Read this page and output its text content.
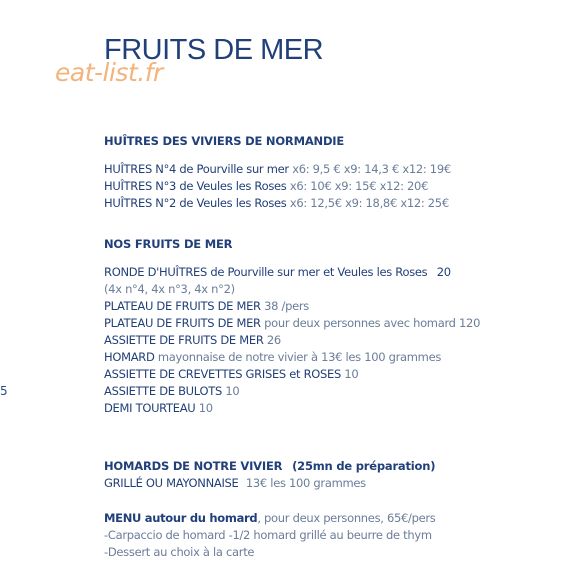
FRUITS DE MER
eat-list.fr
5
HUÎTRES DES VIVIERS DE NORMANDIE
HUÎTRES N°4 de Pourville sur mer x6: 9,5 € x9: 14,3 € x12: 19€
HUÎTRES N°3 de Veules les Roses x6: 10€ x9: 15€ x12: 20€
HUÎTRES N°2 de Veules les Roses x6: 12,5€ x9: 18,8€ x12: 25€
NOS FRUITS DE MER
RONDE D'HUÎTRES de Pourville sur mer et Veules les Roses 20
(4x n°4, 4x n°3, 4x n°2)
PLATEAU DE FRUITS DE MER 38 /pers
PLATEAU DE FRUITS DE MER pour deux personnes avec homard 120
ASSIETTE DE FRUITS DE MER 26
HOMARD mayonnaise de notre vivier à 13€ les 100 grammes
ASSIETTE DE CREVETTES GRISES et ROSES 10
ASSIETTE DE BULOTS 10
DEMI TOURTEAU 10
HOMARDS DE NOTRE VIVIER (25mn de préparation)
GRILLÉ OU MAYONNAISE 13€ les 100 grammes
MENU autour du homard, pour deux personnes, 65€/pers
-Carpaccio de homard -1/2 homard grillé au beurre de thym
-Dessert au choix à la carte
